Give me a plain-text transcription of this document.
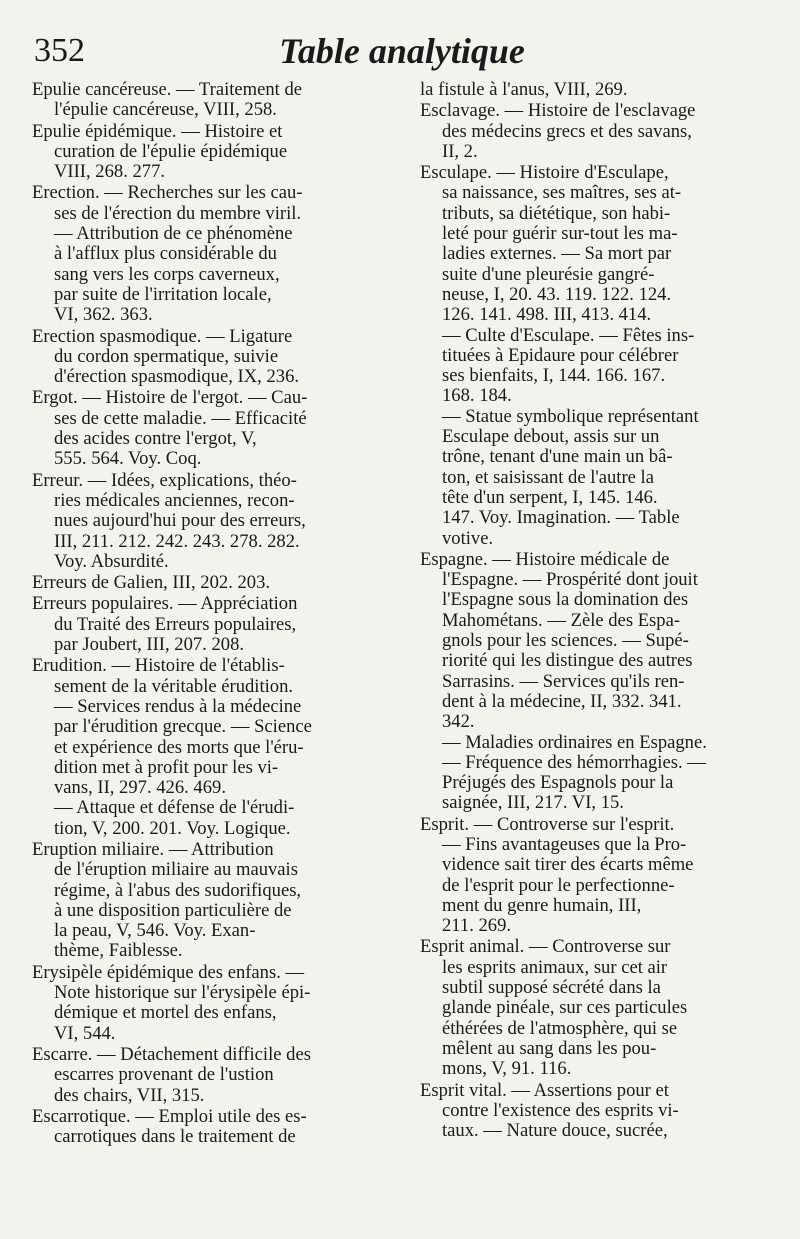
352	Table analytique
Epulie cancéreuse. — Traitement de
l'épulie cancéreuse, VIII, 258.
Epulie épidémique. — Histoire et
curation de l'épulie épidémique
VIII, 268. 277.
Erection. — Recherches sur les cau-
ses de l'érection du membre viril.
— Attribution de ce phénomène
à l'afflux plus considérable du
sang vers les corps caverneux,
par suite de l'irritation locale,
VI, 362. 363.
Erection spasmodique. — Ligature
du cordon spermatique, suivie
d'érection spasmodique, IX, 236.
Ergot. — Histoire de l'ergot. — Cau-
ses de cette maladie. — Efficacité
des acides contre l'ergot, V,
555. 564. Voy. Coq.
Erreur. — Idées, explications, théo-
ries médicales anciennes, recon-
nues aujourd'hui pour des erreurs,
III, 211. 212. 242. 243. 278. 282.
Voy. Absurdité.
Erreurs de Galien, III, 202. 203.
Erreurs populaires. — Appréciation
du Traité des Erreurs populaires,
par Joubert, III, 207. 208.
Erudition. — Histoire de l'établis-
sement de la véritable érudition.
— Services rendus à la médecine
par l'érudition grecque. — Science
et expérience des morts que l'éru-
dition met à profit pour les vi-
vans, II, 297. 426. 469.
— Attaque et défense de l'érudi-
tion, V, 200. 201. Voy. Logique.
Eruption miliaire. — Attribution
de l'éruption miliaire au mauvais
régime, à l'abus des sudorifiques,
à une disposition particulière de
la peau, V, 546. Voy. Exan-
thème, Faiblesse.
Erysipèle épidémique des enfans. —
Note historique sur l'érysipèle épi-
démique et mortel des enfans,
VI, 544.
Escarre. — Détachement difficile des
escarres provenant de l'ustion
des chairs, VII, 315.
Escarrotique. — Emploi utile des es-
carrotiques dans le traitement de
la fistule à l'anus, VIII, 269.
Esclavage. — Histoire de l'esclavage
des médecins grecs et des savans,
II, 2.
Esculape. — Histoire d'Esculape,
sa naissance, ses maîtres, ses at-
tributs, sa diététique, son habi-
leté pour guérir sur-tout les ma-
ladies externes. — Sa mort par
suite d'une pleurésie gangré-
neuse, I, 20. 43. 119. 122. 124.
126. 141. 498. III, 413. 414.
— Culte d'Esculape. — Fêtes ins-
tituées à Epidaure pour célébrer
ses bienfaits, I, 144. 166. 167.
168. 184.
— Statue symbolique représentant
Esculape debout, assis sur un
trône, tenant d'une main un bâ-
ton, et saisissant de l'autre la
tête d'un serpent, I, 145. 146.
147. Voy. Imagination. — Table
votive.
Espagne. — Histoire médicale de
l'Espagne. — Prospérité dont jouit
l'Espagne sous la domination des
Mahométans. — Zèle des Espa-
gnols pour les sciences. — Supé-
riorité qui les distingue des autres
Sarrasins. — Services qu'ils ren-
dent à la médecine, II, 332. 341.
342.
— Maladies ordinaires en Espagne.
— Fréquence des hémorrhagies. —
Préjugés des Espagnols pour la
saignée, III, 217. VI, 15.
Esprit. — Controverse sur l'esprit.
— Fins avantageuses que la Pro-
vidence sait tirer des écarts même
de l'esprit pour le perfectionne-
ment du genre humain, III,
211. 269.
Esprit animal. — Controverse sur
les esprits animaux, sur cet air
subtil supposé sécrété dans la
glande pinéale, sur ces particules
éthérées de l'atmosphère, qui se
mêlent au sang dans les pou-
mons, V, 91. 116.
Esprit vital. — Assertions pour et
contre l'existence des esprits vi-
taux. — Nature douce, sucrée,
